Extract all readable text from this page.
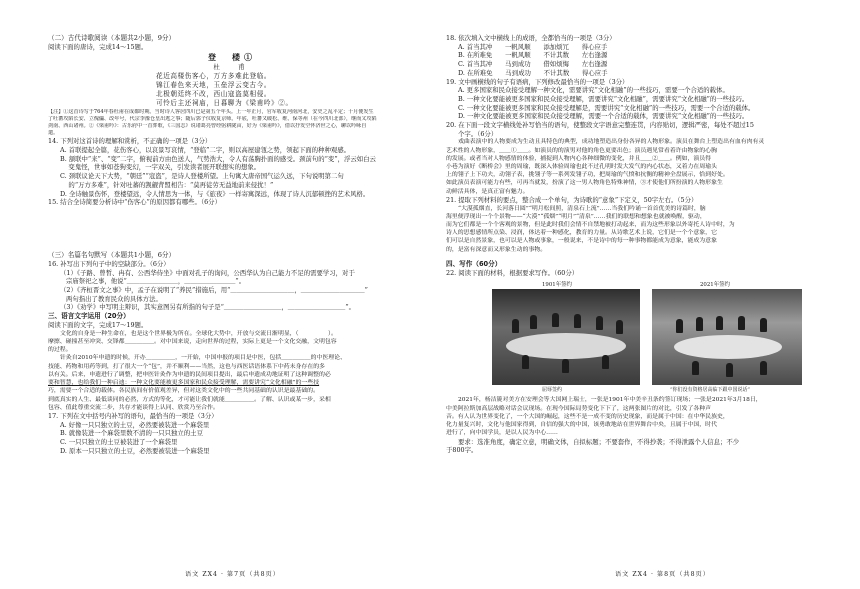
（二）古代诗歌阅读（本题共2小题，9分）
阅读下面的唐诗，完成14～15题。
登　楼①
杜　甫
花近高楼伤客心，万方多难此登临。
锦江春色来天地，玉垒浮云变古今。
北极朝廷终不改，西山寇盗莫相侵。
可怜后主还祠庙，日暮聊为《梁甫吟》②。
【注】①这首诗写于764年春杜甫在成都时期。当时诗人客居四川已是第五个年头。上一年正月，官军收复河南河北，安史之乱平定；十月便发生
了吐蕃攻陷长安、立傀儡、改年号，代宗李豫仓皇出逃之事；随后郭子仪收复京师。年底，吐蕃又破松、维、保等州（在今四川北部），继而又攻陷
剑南、西山诸州。②《梁甫吟》：古乐府中一首葬歌，《三国志》说诸葛亮曾经躬耕陇亩，好为《梁甫吟》，借以抒发空怀济世之心，聊以吟咏自
遣。
14. 下列对这首诗的理解和赏析，不正确的一项是（3分）
A. 首联提起全篇，花伤客心，以哀景写哀情，“登临”二字，则以高屋建瓴之势，领起下面的种种观感。
B. 颔联中“来”、“变”二字，俯视前方由色送人，气势浩大，令人有荡胸扑面的感受。颈前句的“变”，浮云如白云
　 变鬼怪，世事如苍狗变幻，一字双关，引发读者展开联想实的想象。
C. 颈联议论天下大势，“朝廷”“寇盗”，是诗人登楼所望。上句寓大唐帝国气运久远，下句说明第二句
　 的“万方多难”，针对吐蕃的觊觎背盟相告：“莫再徒劳无益地前来侵扰！”
D. 全诗触景伤怀，登楼望远，令人情思为一体，与《旅夜》一样寄寓深远，体现了诗人沉郁顿挫的艺术风格。
15. 结合全诗简要分析诗中“伤客心”的原因都有哪些。（6分）
（三）名篇名句默写（本题共1小题，6分）
16. 补写出下列句子中的空缺部分。（6分）
（1）《子路、曾皙、冉有、公西华侍坐》中面对孔子的询问，公西华认为自己能力不足的需要学习，对于
宗庙祭祀之事，他说“＿＿＿＿＿＿＿＿，＿＿＿＿＿＿＿＿”。
（2）《齐桓晋文之事》中，孟子在说明了“养民”措施后，用“＿＿＿＿＿＿＿＿＿＿，＿＿＿＿＿＿＿＿＿＿”
两句指出了教育民众的具体方法。
（3）《劝学》中写明主辩识，其实意图另有所指的句子是“＿＿＿＿＿＿＿＿＿，＿＿＿＿＿＿＿＿＿”。
三、语言文字运用（20分）
阅读下面的文字，完成17～19题。
文化的自身是一种生命在，也是这个世界极为所在。全球化大势中，开放与交流日渐明显，（　　　　　）。
摩擦、碰撞甚至冲突、交锋都＿＿＿＿＿。对中国来说，走向世界的过程，实际上更是一个文化交融，文明包容
的过程。
针灸自2010年申遗的时候，开办＿＿＿＿＿，一开始，中国申报的项目是中医，包括＿＿＿＿＿的中医理论、
技能、药物和用药等到，打了很大一个“包”，并不顺利——当然，这也与西医话语体系下中药未身存在的多
以有关。后来，申遗进行了调整，把申医针灸作为申遗的民间项目提出，最后申遗成功地证明了这种调整的必
要和智慧，也给我们一种启迪：一种文化要能被更多国家和民众接受理解，需要讲究“文化相融”的一些技
巧，需要一个合适的载体。各民族间有价值观差异，但对这类文化中的一些共同基础的认识是最基础的。
到底真实的人生、最低谈同的必然，方式的等化，才可能让我们就能＿＿＿＿＿。了解、认识或某一步，采相
包容、值此尊重交流二步，共存才能谈得上认同、欣赏乃至合作。
17. 下列在文中括号内补写的语句，最恰当的一项是（3分）
A. 好像一只只独立的土豆，必然要被装进一个麻袋里
B. 就像装进一个麻袋里数不清的一只只独立的土豆
C. 一只只独立的土豆被装进了一个麻袋里
D. 原本一只只独立的土豆，必然要被装进一个麻袋里
18. 依次填入文中横线上的成语，全都恰当的一项是（3分）
A. 首当其冲　　一帆风顺　　添加烦冗　　得心应手
B. 在所难免　　一帆风顺　　不计其数　　左右逢源
C. 首当其冲　　马到成功　　借如烦悔　　左右逢源
D. 在所难免　　马到成功　　不计其数　　得心应手
19. 文中画横线的句子有语病，下列修改最恰当的一项是（3分）
A. 更多国家和民众接受理解一种文化，需要讲究“文化相融”的一些技巧，需要一个合适的载体。
B. 一种文化要能被更多国家和民众接受理解，需要讲究“文化相融”，需要讲究“文化相融”的一些技巧。
C. 一种文化要能被更多国家和民众接受理解是，需要讲究“文化相融”的一些技巧，需要一个合适的载体。
D. 一种文化要能被更多国家和民众接受理解，需要一个合适的载体，需要讲究“文化相融”的一些技巧。
20. 在下面一段文字横线处补写恰当的语句，使整段文字语意完整连贯，内容贴切，逻辑严密，每处不超过15
个字。（6分）
戏曲表演中的人物要成为生动且具特色的典型，成功地塑造出身份各异的人物形象。演员在舞台上塑造出有血有肉有灵
艺术性的人物形象，＿＿①＿＿。如演员的的演男对他的角色更要出色；演员遇见常看着许由物象的心胸
的发展。或者当对人物感情的体验，捕捉到人物内心各种细微的变化，并且＿＿②＿＿。例如，演员得
小巷为演好《断桥会》里的周瑜，既深入体验周瑜也此不过孔明时发大发气的内心状态，又着力在周瑜头
上的翎子上下功夫，动翎子表，挑翎子等一系列发翎子功，把周瑜的气愤和抗衡的精神全盘展示，恰到好处。
如此演员表演可能力有些，可再当就发，扮演了这一男人物角色特殊神情，③才使他们所扮演的人物形象生
动鲜活具体，是真正富有魅力。
21. 提取下列材料的要点，整合成一个单句，为诗歌的“意象”下定义，50字左右。（5分）
“大漠孤烟直，长河落日圆”“明月松间照，清泉石上流”……当我们吟诵一首首优美的诗篇时，脑
海里便浮现出一个个景物——“大漠”“孤烟”“明月”“清泉”……我们的联想和想象也就被唤醒，驱动，
而为它们都是一个个客观的景物，但是此时我们会情不自禁地被打动起来，而为这些形象以外寄托人诗中时，为
诗人的思想感情所点染、浸润，体达着一种感化，教育的力量。从诗歌艺术上说，它们是一个个意象，它
们可以是自然景象，也可以是人物或事象，一般说来，不是诗中的每一种事物都能成为意象，能成为意象
的，是富有深意而又形象生动的事物。
四、写作（60分）
22. 阅读下面的材料，根据要求写作。（60分）
1901年签约	2021年签约
屈辱签约	“你们没有资格居高临下跟中国说话”
2021年，杨洁篪对美方在安理会等大国网上瑞士，一张是1901年中美辛丑条约签订现场；一张是2021年3月18日，
中美阿拉斯加高层战略对话会议现场。在现今国际局势变化下下了，这两张图片的对比，引发了各种声
音。有人认为世界变化了，一个大国的崛起，这些不是一成不变的历史现象，而是属于中国：在中华民族史，
化力量复兴时，文化与他国家得到，自信的强大的中国，该勇敢地站在世界舞台中央，且属于中国，时代
进行了，向中国学员，是以人民为中心……
要求：选准角度，确定立意，明确文体，自拟标题；不要套作，不得抄袭；不得泄露个人信息；不少
于800字。
语文 ZX4 · 第7页（共8页）	语文 ZX4 · 第8页（共8页）
